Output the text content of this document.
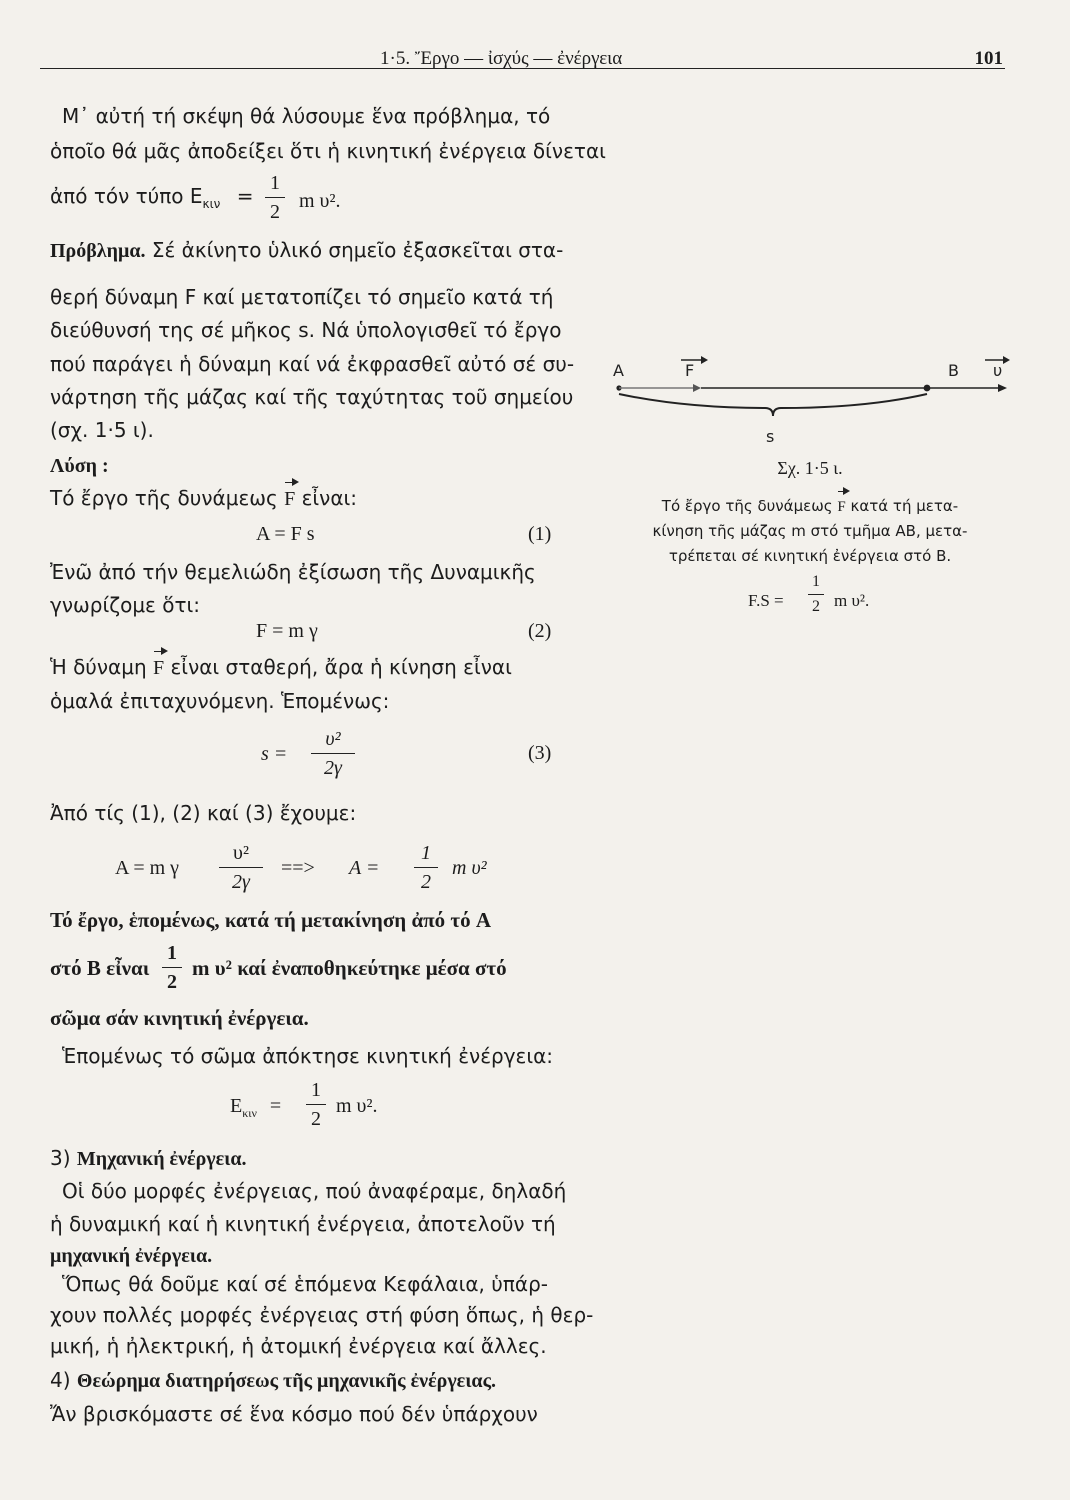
1·5. Ἔργο — ἰσχύς — ἐνέργεια	101
Μ᾽ αὐτή τή σκέψη θά λύσουμε ἕνα πρόβλημα, τό
ὁποῖο θά μᾶς ἀποδείξει ὅτι ἡ κινητική ἐνέργεια δίνεται
ἀπό τόν τύπο $E_{\kappa\iota\nu}$ =
1
2 m υ².
Πρόβλημα. Σέ ἀκίνητο ὑλικό σημεῖο ἐξασκεῖται στα-
θερή δύναμη F καί μετατοπίζει τό σημεῖο κατά τή
διεύθυνσή της σέ μῆκος s. Νά ὑπολογισθεῖ τό ἔργο
πού παράγει ἡ δύναμη καί νά ἐκφρασθεῖ αὐτό σέ συ-
νάρτηση τῆς μάζας καί τῆς ταχύτητας τοῦ σημείου
(σχ. 1·5 ι).
Λύση :
Τό ἔργο τῆς δυνάμεως F εἶναι:
A = F s	(1)
Ἐνῶ ἀπό τήν θεμελιώδη ἐξίσωση τῆς Δυναμικῆς
γνωρίζομε ὅτι:
F = m γ	(2)
Ἡ δύναμη F εἶναι σταθερή, ἄρα ἡ κίνηση εἶναι
ὁμαλά ἐπιταχυνόμενη. Ἑπομένως:
s =
υ²
2γ
(3)
Ἀπό τίς (1), (2) καί (3) ἔχουμε:
A = m γ
υ²
2γ
==> A =
1
2
m υ²
Τό ἔργο, ἑπομένως, κατά τή μετακίνηση ἀπό τό A
στό B εἶναι
1
2
m υ² καί ἐναποθηκεύτηκε μέσα στό
σῶμα σάν κινητική ἐνέργεια.
Ἑπομένως τό σῶμα ἀπόκτησε κινητική ἐνέργεια:
$E_{\kappa\iota\nu}$ =
1
2
m υ².
3) Μηχανική ἐνέργεια.
Οἱ δύο μορφές ἐνέργειας, πού ἀναφέραμε, δηλαδή
ἡ δυναμική καί ἡ κινητική ἐνέργεια, ἀποτελοῦν τή
μηχανική ἐνέργεια.
Ὅπως θά δοῦμε καί σέ ἑπόμενα Κεφάλαια, ὑπάρ-
χουν πολλές μορφές ἐνέργειας στή φύση ὅπως, ἡ θερ-
μική, ἡ ἠλεκτρική, ἡ ἀτομική ἐνέργεια καί ἄλλες.
4) Θεώρημα διατηρήσεως τῆς μηχανικῆς ἐνέργειας.
Ἄν βρισκόμαστε σέ ἕνα κόσμο πού δέν ὑπάρχουν
A	F	B υ
s
Σχ. 1·5 ι.
Τό ἔργο τῆς δυνάμεως F κατά τή μετα-
κίνηση τῆς μάζας m στό τμῆμα AB, μετα-
τρέπεται σέ κινητική ἐνέργεια στό B.
F.S =
1
2 m υ².
